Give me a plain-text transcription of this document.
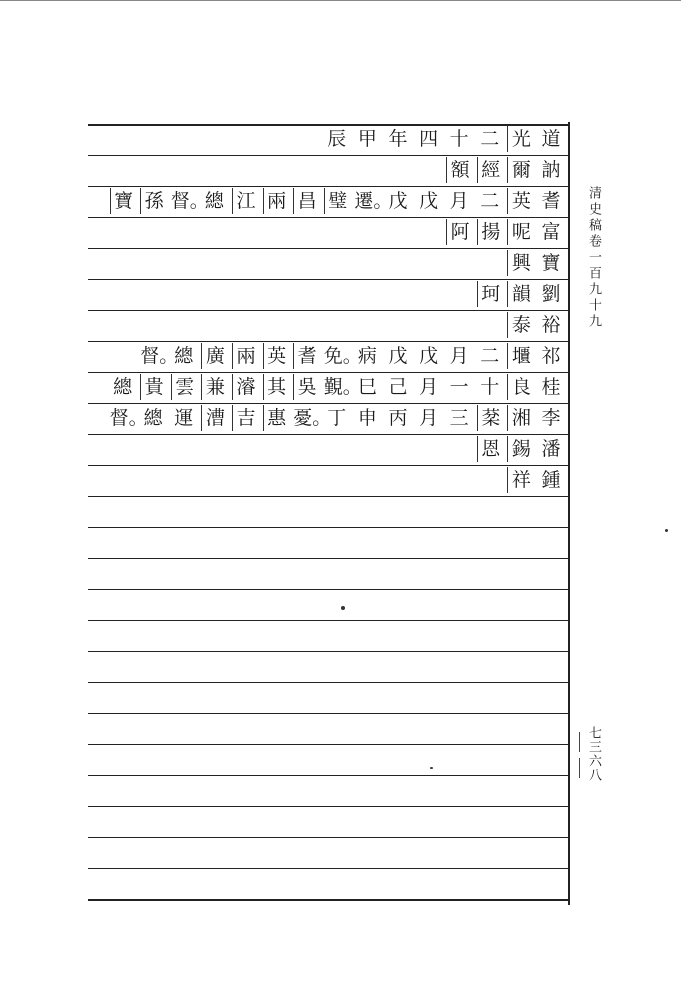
道
光
二
十
四
年
甲
辰
訥
爾
經
額
耆
英
二
月
戊
戊
遷。
璧
昌
兩
江
總
督。
孫
寶
富
呢
揚
阿
寶
興
劉
韻
珂
裕
泰
祁
㙺
二
月
戊
戊
病
免。
耆
英
兩
廣
總
督。
桂
良
十
一
月
己
巳
覲。
吳
其
濬
兼
雲
貴
總
李
湘
棻
三
月
丙
申
丁
憂。
惠
吉
漕
運
總
督。
潘
錫
恩
鍾
祥
清史稿卷一百九十九
七三六八
